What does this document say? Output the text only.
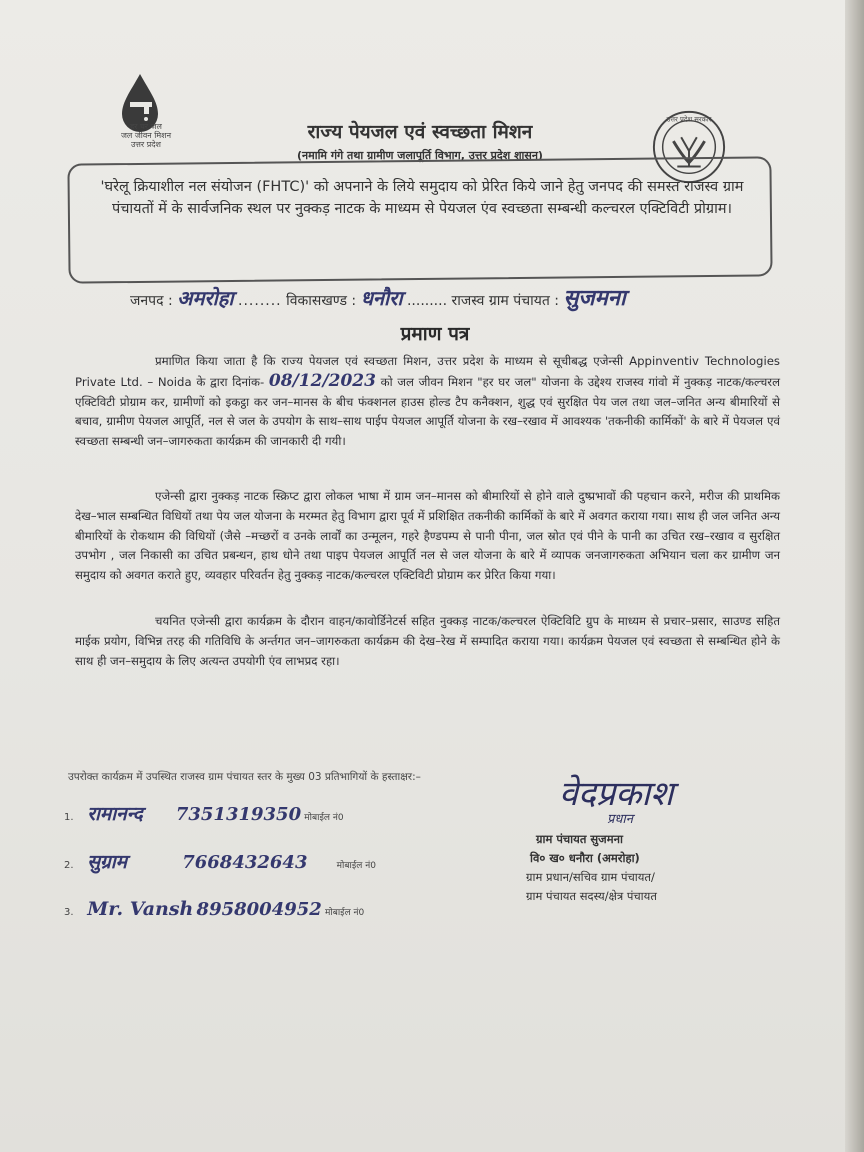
हर घर जल
जल जीवन मिशन
उत्तर प्रदेश
राज्य पेयजल एवं स्वच्छता मिशन
(नमामि गंगे तथा ग्रामीण जलापूर्ति विभाग, उत्तर प्रदेश शासन)
उत्तर प्रदेश सरकार
'घरेलू क्रियाशील नल संयोजन (FHTC)' को अपनाने के लिये समुदाय को प्रेरित किये जाने हेतु जनपद की समस्त राजस्व ग्राम पंचायतों में के सार्वजनिक स्थल पर नुक्कड़ नाटक के माध्यम से पेयजल एंव स्वच्छता सम्बन्धी कल्चरल एक्टिविटी प्रोग्राम।
जनपद : अमरोहा ........ विकासखण्ड : धनौरा ......... राजस्व ग्राम पंचायत : सुजमना
प्रमाण पत्र
प्रमाणित किया जाता है कि राज्य पेयजल एवं स्वच्छता मिशन, उत्तर प्रदेश के माध्यम से सूचीबद्ध एजेन्सी Appinventiv Technologies Private Ltd. – Noida के द्वारा दिनांक- 08/12/2023 को जल जीवन मिशन "हर घर जल" योजना के उद्देश्य राजस्व गांवो में नुक्कड़ नाटक/कल्चरल एक्टिविटी प्रोग्राम कर, ग्रामीणों को इकट्ठा कर जन–मानस के बीच फंक्शनल हाउस होल्ड टैप कनैक्शन, शुद्ध एवं सुरक्षित पेय जल तथा जल–जनित अन्य बीमारियों से बचाव, ग्रामीण पेयजल आपूर्ति, नल से जल के उपयोग के साथ–साथ पाईप पेयजल आपूर्ति योजना के रख–रखाव में आवश्यक 'तकनीकी कार्मिकों' के बारे में पेयजल एवं स्वच्छता सम्बन्धी जन–जागरुकता कार्यक्रम की जानकारी दी गयी।
एजेन्सी द्वारा नुक्कड़ नाटक स्क्रिप्ट द्वारा लोकल भाषा में ग्राम जन–मानस को बीमारियों से होने वाले दुष्प्रभावों की पहचान करने, मरीज की प्राथमिक देख–भाल सम्बन्धित विधियों तथा पेय जल योजना के मरम्मत हेतु विभाग द्वारा पूर्व में प्रशिक्षित तकनीकी कार्मिकों के बारे में अवगत कराया गया। साथ ही जल जनित अन्य बीमारियों के रोकथाम की विधियों (जैसे –मच्छरों व उनके लार्वों का उन्मूलन, गहरे हैण्डपम्प से पानी पीना, जल स्रोत एवं पीने के पानी का उचित रख–रखाव व सुरक्षित उपभोग , जल निकासी का उचित प्रबन्धन, हाथ धोने तथा पाइप पेयजल आपूर्ति नल से जल योजना के बारे में व्यापक जनजागरुकता अभियान चला कर ग्रामीण जन समुदाय को अवगत कराते हुए, व्यवहार परिवर्तन हेतु नुक्कड़ नाटक/कल्चरल एक्टिविटी प्रोग्राम कर प्रेरित किया गया।
चयनित एजेन्सी द्वारा कार्यक्रम के दौरान वाहन/कावोर्डिनेटर्स सहित नुक्कड़ नाटक/कल्चरल ऐक्टिविटि ग्रुप के माध्यम से प्रचार–प्रसार, साउण्ड सहित माईक प्रयोग, विभिन्न तरह की गतिविधि के अर्न्तगत जन–जागरुकता कार्यक्रम की देख–रेख में सम्पादित कराया गया। कार्यक्रम पेयजल एवं स्वच्छता से सम्बन्धित होने के साथ ही जन–समुदाय के लिए अत्यन्त उपयोगी एंव लाभप्रद रहा।
उपरोक्त कार्यक्रम में उपस्थित राजस्व ग्राम पंचायत स्तर के मुख्य 03 प्रतिभागियों के हस्ताक्षर:–
1. रामानन्द 7351319350 मोबाईल नं0
2. सुग्राम	7668432643	मोबाईल नं0
3. Mr. Vansh 8958004952 मोबाईल नं0
वेदप्रकाश
प्रधान
ग्राम पंचायत सुजमना
वि० ख० धनौरा (अमरोहा)
ग्राम प्रधान/सचिव ग्राम पंचायत/
ग्राम पंचायत सदस्य/क्षेत्र पंचायत
